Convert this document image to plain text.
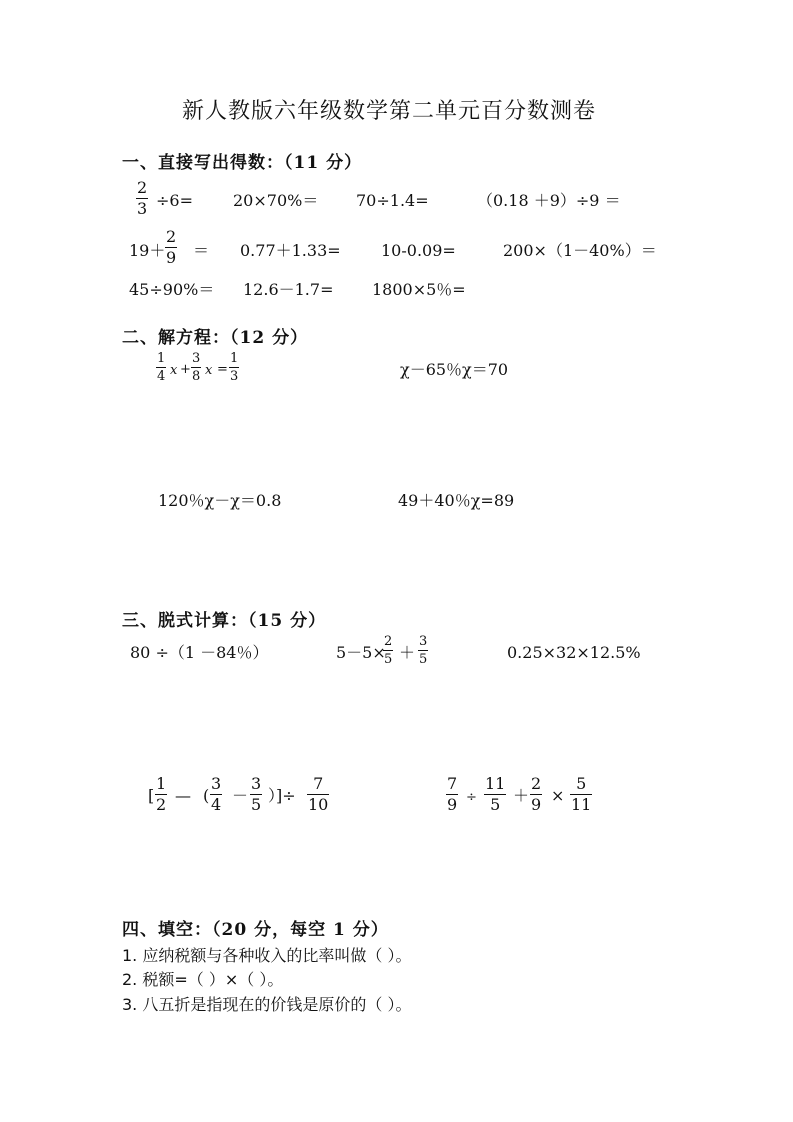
新人教版六年级数学第二单元百分数测卷
一、直接写出得数：（11 分）
$\frac{2}{3} \div 6=$	20×70%＝ 70÷1.4=	（0.18 ＋9）÷9 ＝
$19+ \frac{2}{9} = 0.77+1.33=$	10-0.09=	200×（1－40%）＝
45÷90%＝ 12.6－1.7= 1800×5％=
二、解方程：（12 分）
$\frac{1}{4}$ $x + \frac{3}{8}$ $x = \frac{1}{3}$	χ－65％χ＝70
120％χ－χ＝0.8	49＋40％χ=89
三、脱式计算：（15 分）
80 ÷（1 －84％）	5－5×
$\frac{2}{5} + \frac{3}{5}$	0.25×32×12.5%
[ $\frac{1}{2}$ — ( $\frac{3}{4} - \frac{3}{5}$ ）]÷ $\frac{7}{10}$	$\frac{7}{9} \div \frac{11}{5} + \frac{2}{9} \times \frac{5}{11}$
四、填空：（20 分，每空 1 分）
1. 应纳税额与各种收入的比率叫做（ ）。
2. 税额=（ ）×（ ）。
3. 八五折是指现在的价钱是原价的（ ）。
